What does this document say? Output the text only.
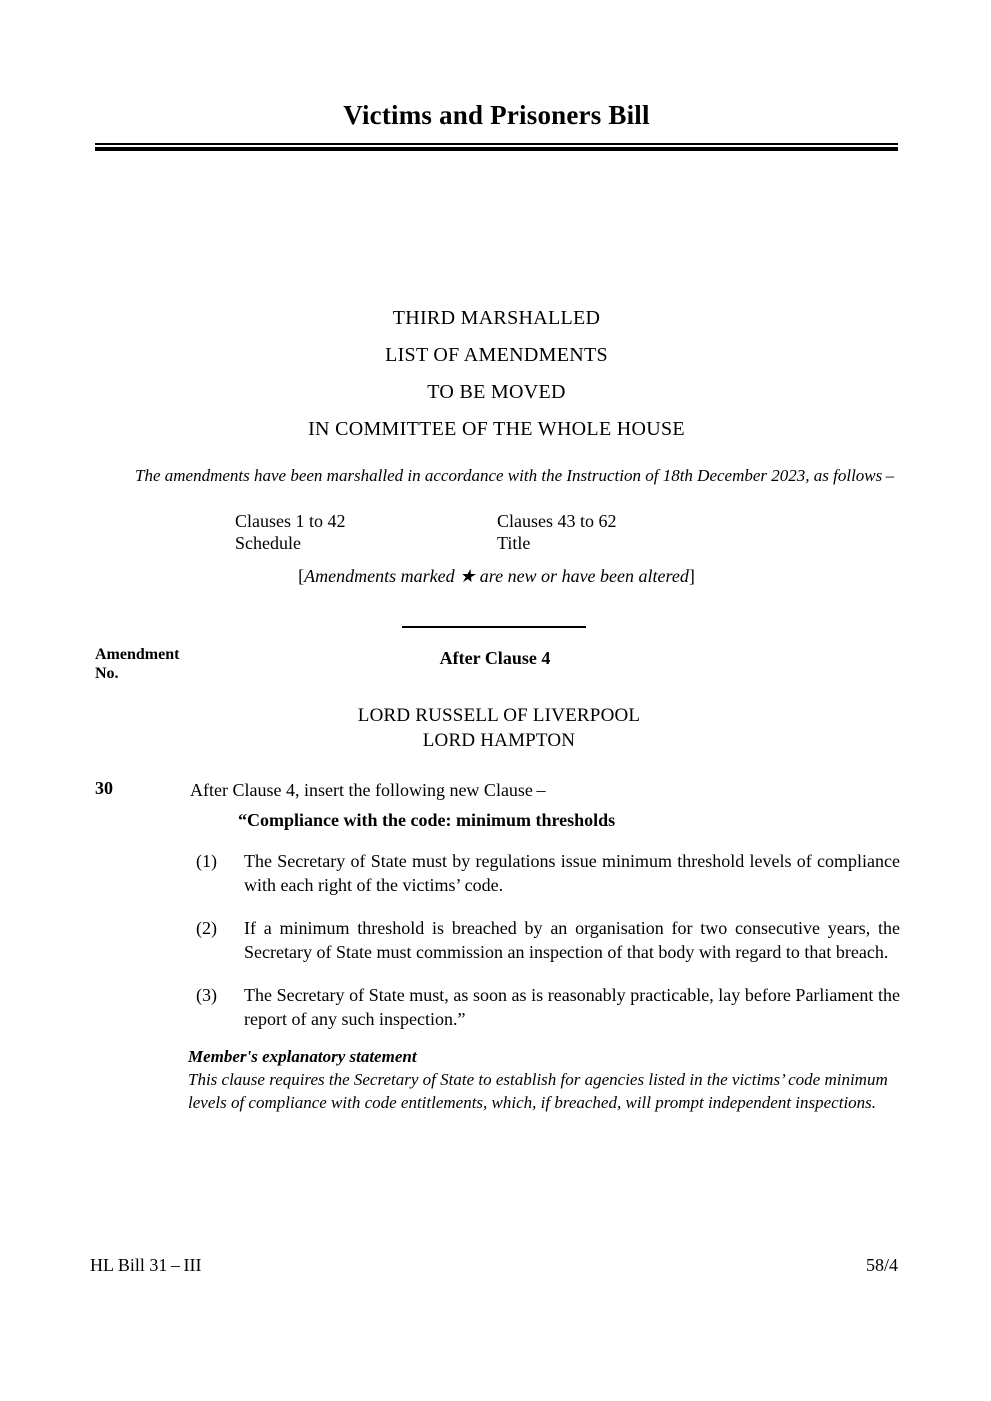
Victims and Prisoners Bill
THIRD MARSHALLED
LIST OF AMENDMENTS
TO BE MOVED
IN COMMITTEE OF THE WHOLE HOUSE
The amendments have been marshalled in accordance with the Instruction of 18th December 2023, as follows –
Clauses 1 to 42	Clauses 43 to 62
Schedule	Title
[Amendments marked ★ are new or have been altered]
Amendment
No.
After Clause 4
LORD RUSSELL OF LIVERPOOL
LORD HAMPTON
30	After Clause 4, insert the following new Clause –
“Compliance with the code: minimum thresholds
(1)	The Secretary of State must by regulations issue minimum threshold levels of compliance with each right of the victims’ code.
(2)	If a minimum threshold is breached by an organisation for two consecutive years, the Secretary of State must commission an inspection of that body with regard to that breach.
(3)	The Secretary of State must, as soon as is reasonably practicable, lay before Parliament the report of any such inspection.”
Member's explanatory statement
This clause requires the Secretary of State to establish for agencies listed in the victims’ code minimum levels of compliance with code entitlements, which, if breached, will prompt independent inspections.
HL Bill 31 – III	58/4
